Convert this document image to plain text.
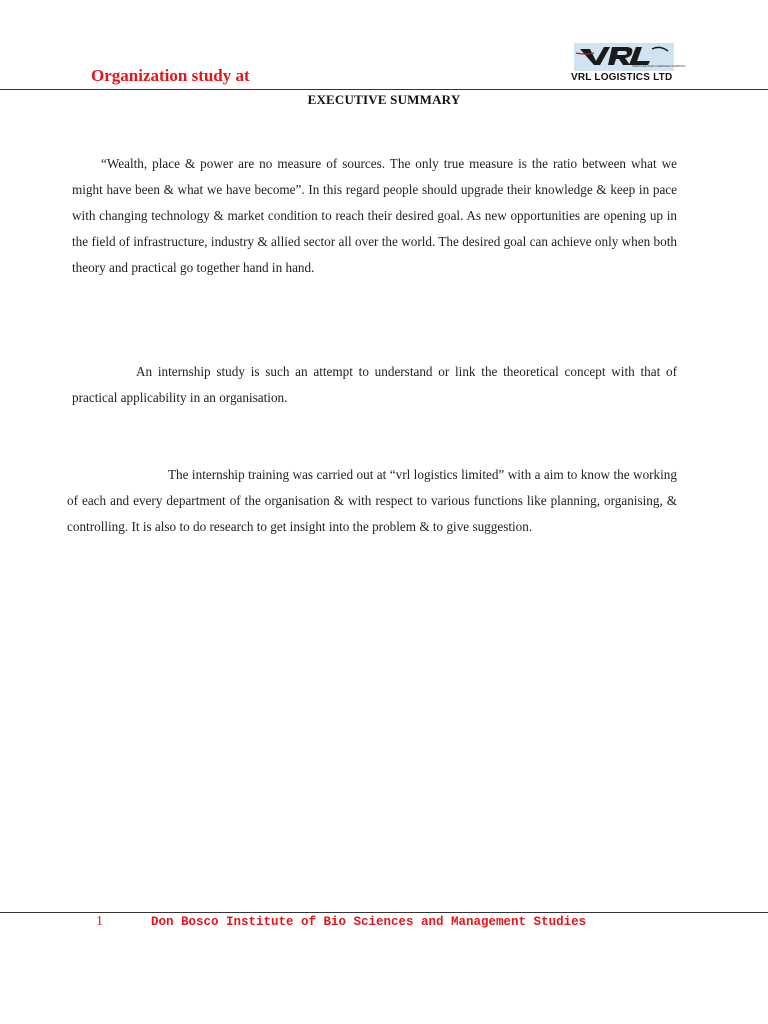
Organization study at	VEHICLES AND CARRIAGE COMPANY
VRL LOGISTICS LTD
EXECUTIVE SUMMARY

“Wealth, place & power are no measure of sources. The only true measure is the ratio between what we might have been & what we have become”. In this regard people should upgrade their knowledge & keep in pace with changing technology & market condition to reach their desired goal. As new opportunities are opening up in the field of infrastructure, industry & allied sector all over the world. The desired goal can achieve only when both theory and practical go together hand in hand.

An internship study is such an attempt to understand or link the theoretical concept with that of practical applicability in an organisation.

The internship training was carried out at “vrl logistics limited” with a aim to know the working of each and every department of the organisation & with respect to various functions like planning, organising, & controlling. It is also to do research to get insight into the problem & to give suggestion.

1	Don Bosco Institute of Bio Sciences and Management Studies
